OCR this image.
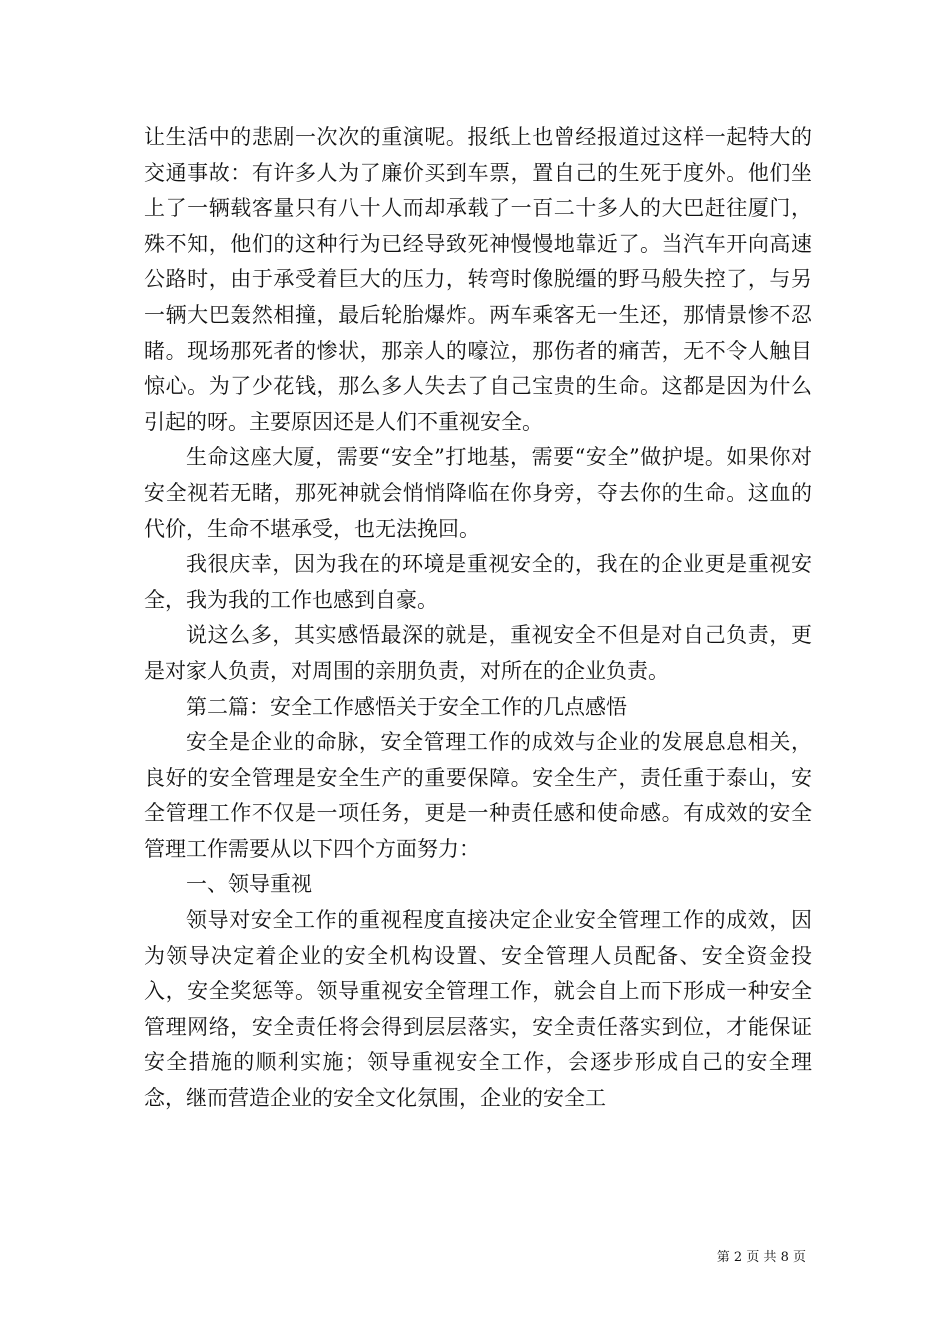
让生活中的悲剧一次次的重演呢。报纸上也曾经报道过这样一起特大的交通事故：有许多人为了廉价买到车票，置自己的生死于度外。他们坐上了一辆载客量只有八十人而却承载了一百二十多人的大巴赶往厦门，殊不知，他们的这种行为已经导致死神慢慢地靠近了。当汽车开向高速公路时，由于承受着巨大的压力，转弯时像脱缰的野马般失控了，与另一辆大巴轰然相撞，最后轮胎爆炸。两车乘客无一生还，那情景惨不忍睹。现场那死者的惨状，那亲人的嚎泣，那伤者的痛苦，无不令人触目惊心。为了少花钱，那么多人失去了自己宝贵的生命。这都是因为什么引起的呀。主要原因还是人们不重视安全。

生命这座大厦，需要“安全”打地基，需要“安全”做护堤。如果你对安全视若无睹，那死神就会悄悄降临在你身旁，夺去你的生命。这血的代价，生命不堪承受，也无法挽回。

我很庆幸，因为我在的环境是重视安全的，我在的企业更是重视安全，我为我的工作也感到自豪。

说这么多，其实感悟最深的就是，重视安全不但是对自己负责，更是对家人负责，对周围的亲朋负责，对所在的企业负责。

第二篇：安全工作感悟关于安全工作的几点感悟

安全是企业的命脉，安全管理工作的成效与企业的发展息息相关，良好的安全管理是安全生产的重要保障。安全生产，责任重于泰山，安全管理工作不仅是一项任务，更是一种责任感和使命感。有成效的安全管理工作需要从以下四个方面努力：

一、领导重视

领导对安全工作的重视程度直接决定企业安全管理工作的成效，因为领导决定着企业的安全机构设置、安全管理人员配备、安全资金投入，安全奖惩等。领导重视安全管理工作，就会自上而下形成一种安全管理网络，安全责任将会得到层层落实，安全责任落实到位，才能保证安全措施的顺利实施；领导重视安全工作，会逐步形成自己的安全理念，继而营造企业的安全文化氛围，企业的安全工

第 2 页 共 8 页
